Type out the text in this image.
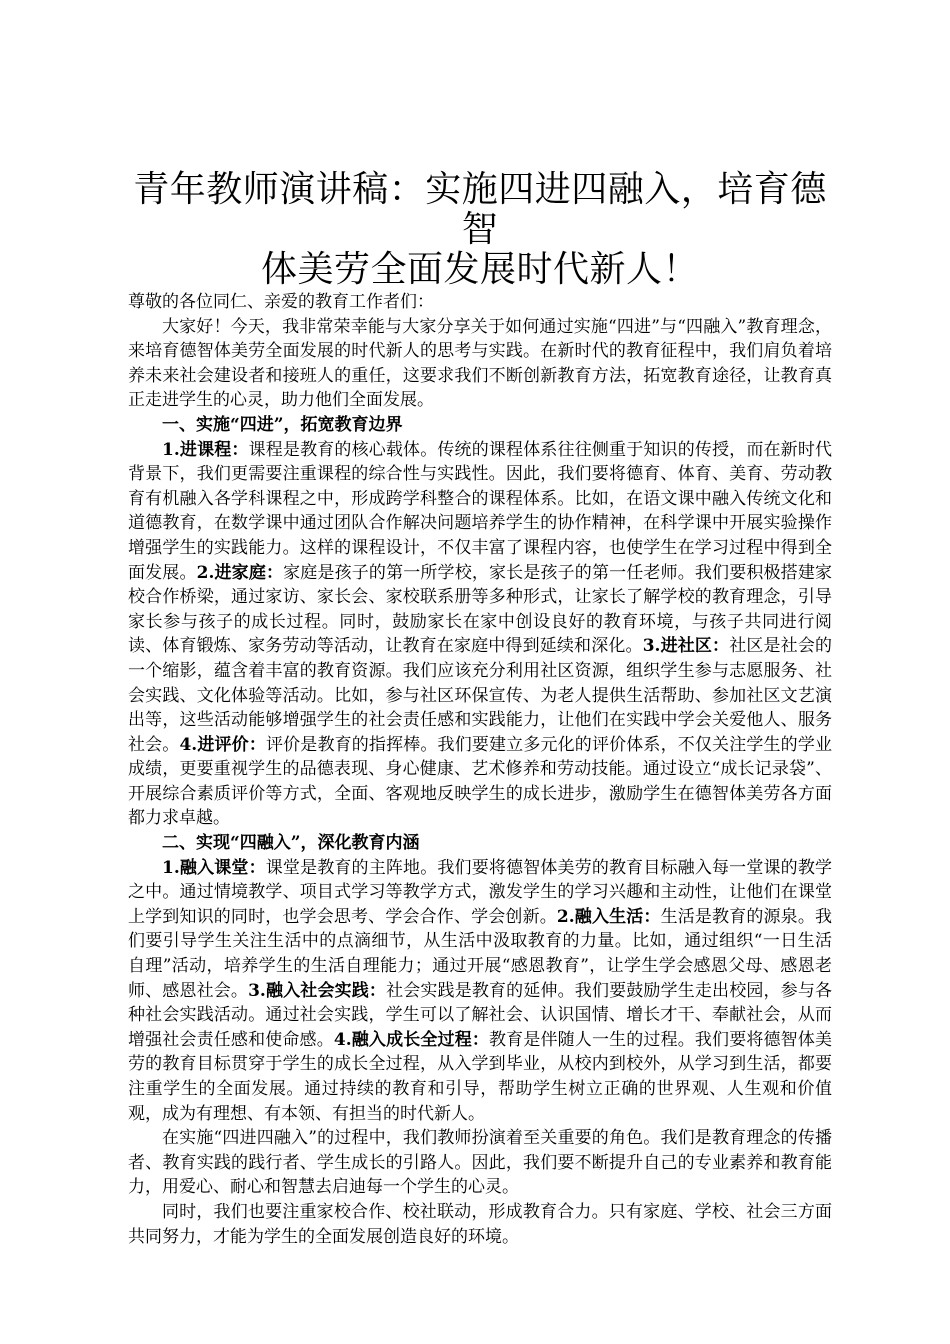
青年教师演讲稿：实施四进四融入，培育德智
体美劳全面发展时代新人！

尊敬的各位同仁、亲爱的教育工作者们：

大家好！今天，我非常荣幸能与大家分享关于如何通过实施“四进”与“四融入”教育理念，来培育德智体美劳全面发展的时代新人的思考与实践。在新时代的教育征程中，我们肩负着培养未来社会建设者和接班人的重任，这要求我们不断创新教育方法，拓宽教育途径，让教育真正走进学生的心灵，助力他们全面发展。

一、实施“四进”，拓宽教育边界

1.进课程：课程是教育的核心载体。传统的课程体系往往侧重于知识的传授，而在新时代背景下，我们更需要注重课程的综合性与实践性。因此，我们要将德育、体育、美育、劳动教育有机融入各学科课程之中，形成跨学科整合的课程体系。比如，在语文课中融入传统文化和道德教育，在数学课中通过团队合作解决问题培养学生的协作精神，在科学课中开展实验操作增强学生的实践能力。这样的课程设计，不仅丰富了课程内容，也使学生在学习过程中得到全面发展。2.进家庭：家庭是孩子的第一所学校，家长是孩子的第一任老师。我们要积极搭建家校合作桥梁，通过家访、家长会、家校联系册等多种形式，让家长了解学校的教育理念，引导家长参与孩子的成长过程。同时，鼓励家长在家中创设良好的教育环境，与孩子共同进行阅读、体育锻炼、家务劳动等活动，让教育在家庭中得到延续和深化。3.进社区：社区是社会的一个缩影，蕴含着丰富的教育资源。我们应该充分利用社区资源，组织学生参与志愿服务、社会实践、文化体验等活动。比如，参与社区环保宣传、为老人提供生活帮助、参加社区文艺演出等，这些活动能够增强学生的社会责任感和实践能力，让他们在实践中学会关爱他人、服务社会。4.进评价：评价是教育的指挥棒。我们要建立多元化的评价体系，不仅关注学生的学业成绩，更要重视学生的品德表现、身心健康、艺术修养和劳动技能。通过设立“成长记录袋”、开展综合素质评价等方式，全面、客观地反映学生的成长进步，激励学生在德智体美劳各方面都力求卓越。

二、实现“四融入”，深化教育内涵

1.融入课堂：课堂是教育的主阵地。我们要将德智体美劳的教育目标融入每一堂课的教学之中。通过情境教学、项目式学习等教学方式，激发学生的学习兴趣和主动性，让他们在课堂上学到知识的同时，也学会思考、学会合作、学会创新。2.融入生活：生活是教育的源泉。我们要引导学生关注生活中的点滴细节，从生活中汲取教育的力量。比如，通过组织“一日生活自理”活动，培养学生的生活自理能力；通过开展“感恩教育”，让学生学会感恩父母、感恩老师、感恩社会。3.融入社会实践：社会实践是教育的延伸。我们要鼓励学生走出校园，参与各种社会实践活动。通过社会实践，学生可以了解社会、认识国情、增长才干、奉献社会，从而增强社会责任感和使命感。4.融入成长全过程：教育是伴随人一生的过程。我们要将德智体美劳的教育目标贯穿于学生的成长全过程，从入学到毕业，从校内到校外，从学习到生活，都要注重学生的全面发展。通过持续的教育和引导，帮助学生树立正确的世界观、人生观和价值观，成为有理想、有本领、有担当的时代新人。

在实施“四进四融入”的过程中，我们教师扮演着至关重要的角色。我们是教育理念的传播者、教育实践的践行者、学生成长的引路人。因此，我们要不断提升自己的专业素养和教育能力，用爱心、耐心和智慧去启迪每一个学生的心灵。

同时，我们也要注重家校合作、校社联动，形成教育合力。只有家庭、学校、社会三方面共同努力，才能为学生的全面发展创造良好的环境。
